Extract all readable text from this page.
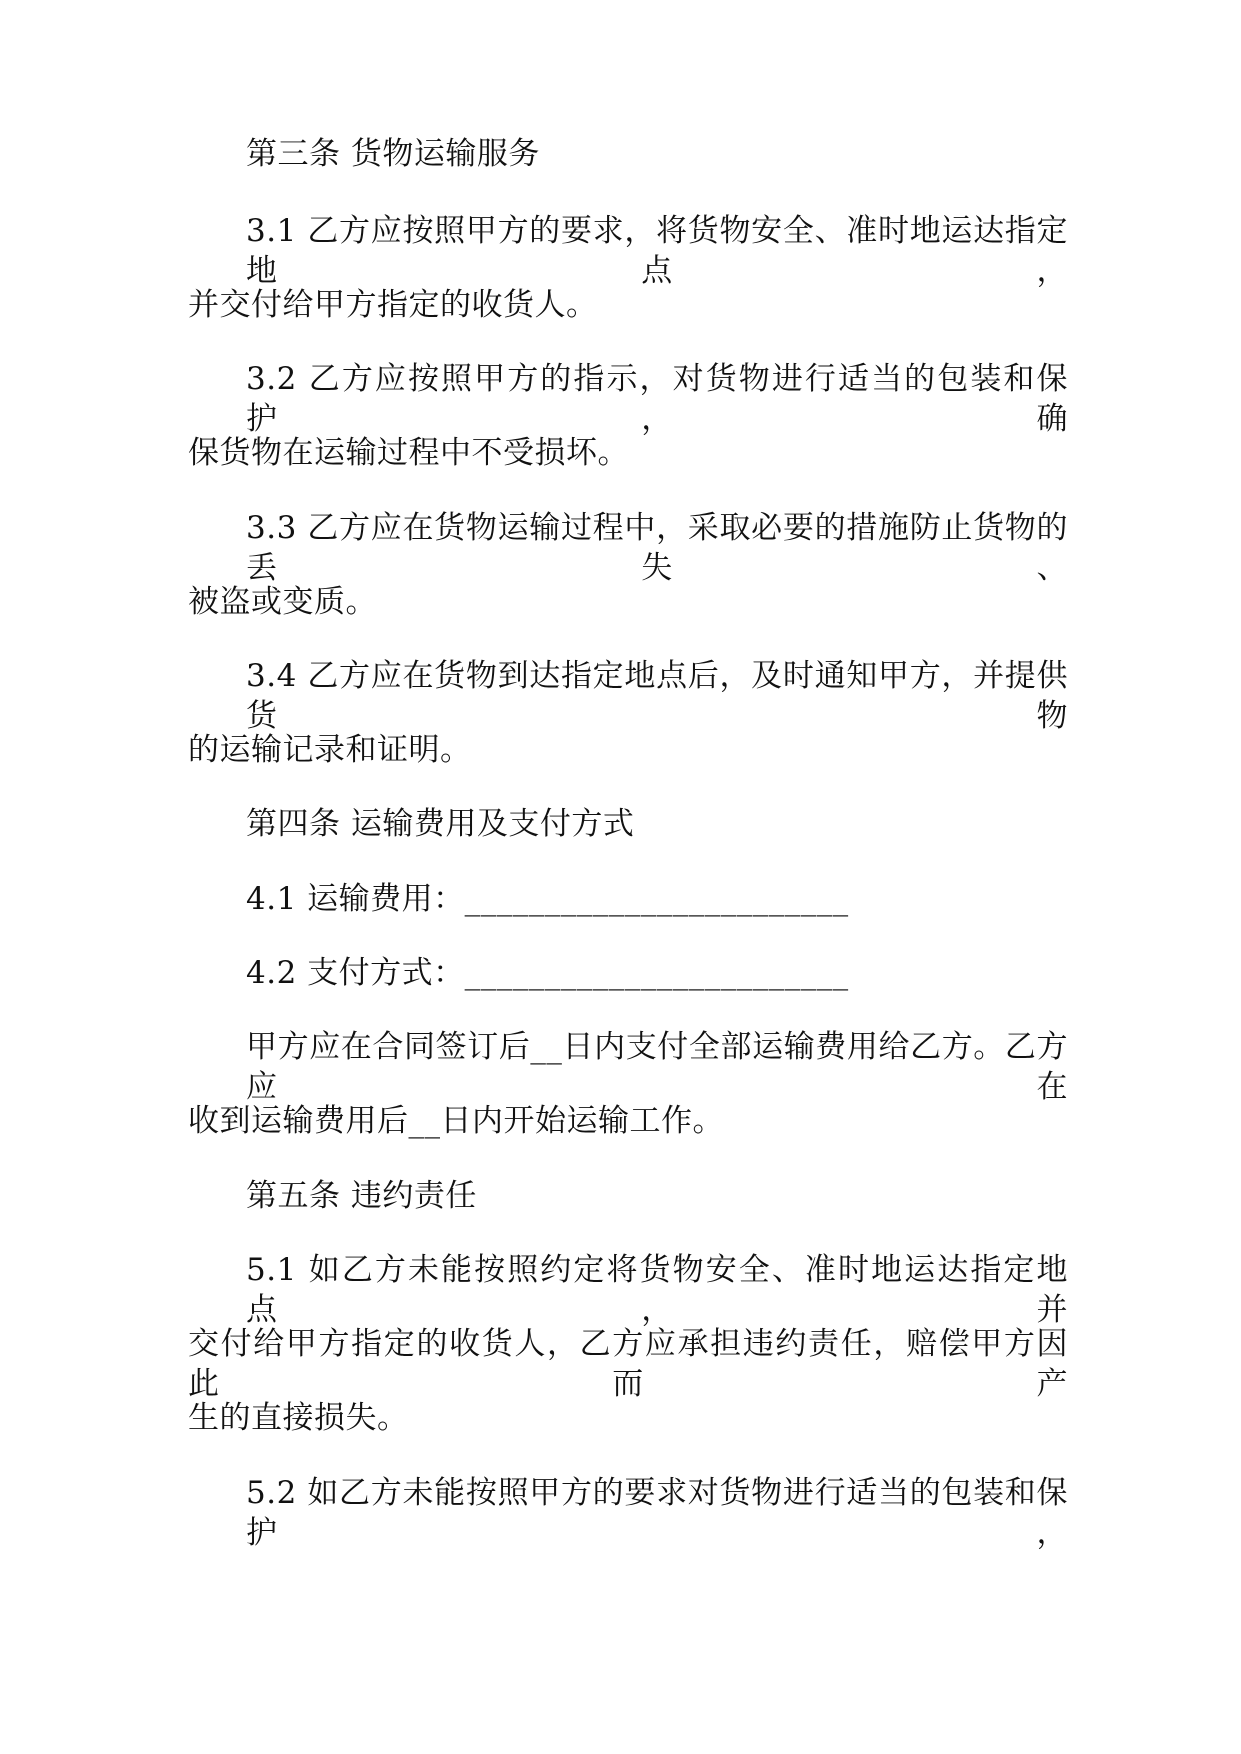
第三条 货物运输服务
3.1 乙方应按照甲方的要求，将货物安全、准时地运达指定地点，
并交付给甲方指定的收货人。
3.2 乙方应按照甲方的指示，对货物进行适当的包装和保护，确
保货物在运输过程中不受损坏。
3.3 乙方应在货物运输过程中，采取必要的措施防止货物的丢失、
被盗或变质。
3.4 乙方应在货物到达指定地点后，及时通知甲方，并提供货物
的运输记录和证明。
第四条 运输费用及支付方式
4.1 运输费用：________________________
4.2 支付方式：________________________
甲方应在合同签订后__日内支付全部运输费用给乙方。乙方应在
收到运输费用后__日内开始运输工作。
第五条 违约责任
5.1 如乙方未能按照约定将货物安全、准时地运达指定地点，并
交付给甲方指定的收货人，乙方应承担违约责任，赔偿甲方因此而产
生的直接损失。
5.2 如乙方未能按照甲方的要求对货物进行适当的包装和保护，
